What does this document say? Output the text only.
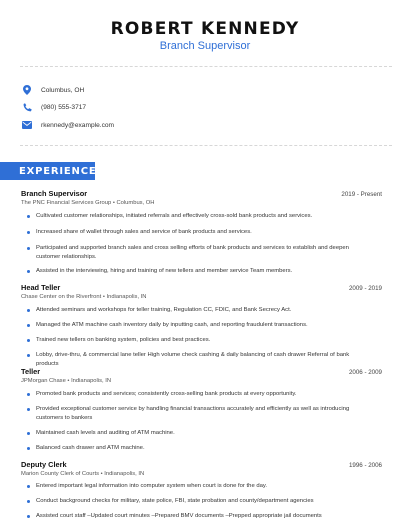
ROBERT KENNEDY
Branch Supervisor
Columbus, OH
(980) 555-3717
rkennedy@example.com
EXPERIENCE
Branch Supervisor	2019 - Present
The PNC Financial Services Group • Columbus, OH
Cultivated customer relationships, initiated referrals and effectively cross-sold bank products and services.
Increased share of wallet through sales and service of bank products and services.
Participated and supported branch sales and cross selling efforts of bank products and services to establish and deepen customer relationships.
Assisted in the interviewing, hiring and training of new tellers and member service Team members.
Head Teller	2009 - 2019
Chase Center on the Riverfront • Indianapolis, IN
Attended seminars and workshops for teller training, Regulation CC, FDIC, and Bank Secrecy Act.
Managed the ATM machine cash inventory daily by inputting cash, and reporting fraudulent transactions.
Trained new tellers on banking system, policies and best practices.
Lobby, drive-thru, & commercial lane teller High volume check cashing & daily balancing of cash drawer Referral of bank products
Teller	2006 - 2009
JPMorgan Chase • Indianapolis, IN
Promoted bank products and services; consistently cross-selling bank products at every opportunity.
Provided exceptional customer service by handling financial transactions accurately and efficiently as well as introducing customers to bankers
Maintained cash levels and auditing of ATM machine.
Balanced cash drawer and ATM machine.
Deputy Clerk	1996 - 2006
Marion County Clerk of Courts • Indianapolis, IN
Entered important legal information into computer system when court is done for the day.
Conduct background checks for military, state police, FBI, state probation and county/department agencies
Assisted court staff –Updated court minutes –Prepared BMV documents –Prepped appropriate jail documents
